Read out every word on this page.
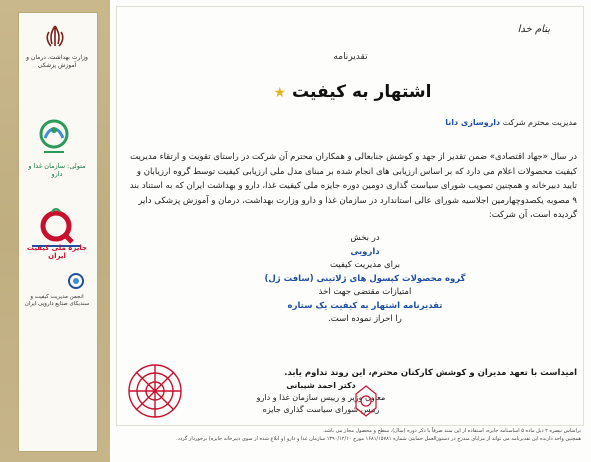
وزارت بهداشت، درمان و آموزش پزشکی
متولی: سازمان غذا و دارو
جایزه ملی کیفیت ایران
انجمن مدیریت کیفیت و سندیکای صنایع دارویی ایران
بنام خدا
تقدیرنامه
اشتهار به کیفیت ★
مدیریت محترم شرکت داروسازی دانا
در سال «جهاد اقتصادی» ضمن تقدیر از جهد و کوشش جنابعالی و همکاران محترم آن شرکت در راستای تقویت و ارتقاء مدیریت کیفیت محصولات اعلام می دارد که بر اساس ارزیابی های انجام شده بر مبنای مدل ملی ارزیابی کیفیت توسط گروه ارزیابان و تایید دبیرخانه و همچنین تصویب شورای سیاست گذاری دومین دوره جایزه ملی کیفیت غذا، دارو و بهداشت ایران که به استناد بند ۹ مصوبه یکصدوچهارمین اجلاسیه شورای عالی استاندارد در سازمان غذا و دارو وزارت بهداشت، درمان و آموزش پزشکی دایر گردیده است، آن شرکت:
در بخش
دارویی
برای مدیریت کیفیت
گروه محصولات کپسول های ژلاتینی (سافت ژل)
امتیازات مقتضی جهت اخذ
تقدیرنامه اشتهار به کیفیت یک ستاره
را احراز نموده است.
امیداست با تعهد مدیران و کوشش کارکنان محترم، این روند تداوم یابد.
دکتر احمد شیبانی
معاون وزیر و رییس سازمان غذا و دارو
رییس شورای سیاست گذاری جایزه
براساس تبصره ۲ ذیل ماده ۵ اساسنامه جایزه، استفاده از این سند صرفاً با ذکر دوره (سال)، سطح و محصول مجاز می باشد.
همچنین واحد دارنده این تقدیرنامه می تواند از مزایای مندرج در دستورالعمل حمایتی شماره ۱۶۸۱/۱۵۷۸۱ مورخ ۱۳۹۰/۱۲/۱۰ سازمان غذا و دارو (و ابلاغ شده از سوی دبیرخانه جایزه) برخوردار گردد.
